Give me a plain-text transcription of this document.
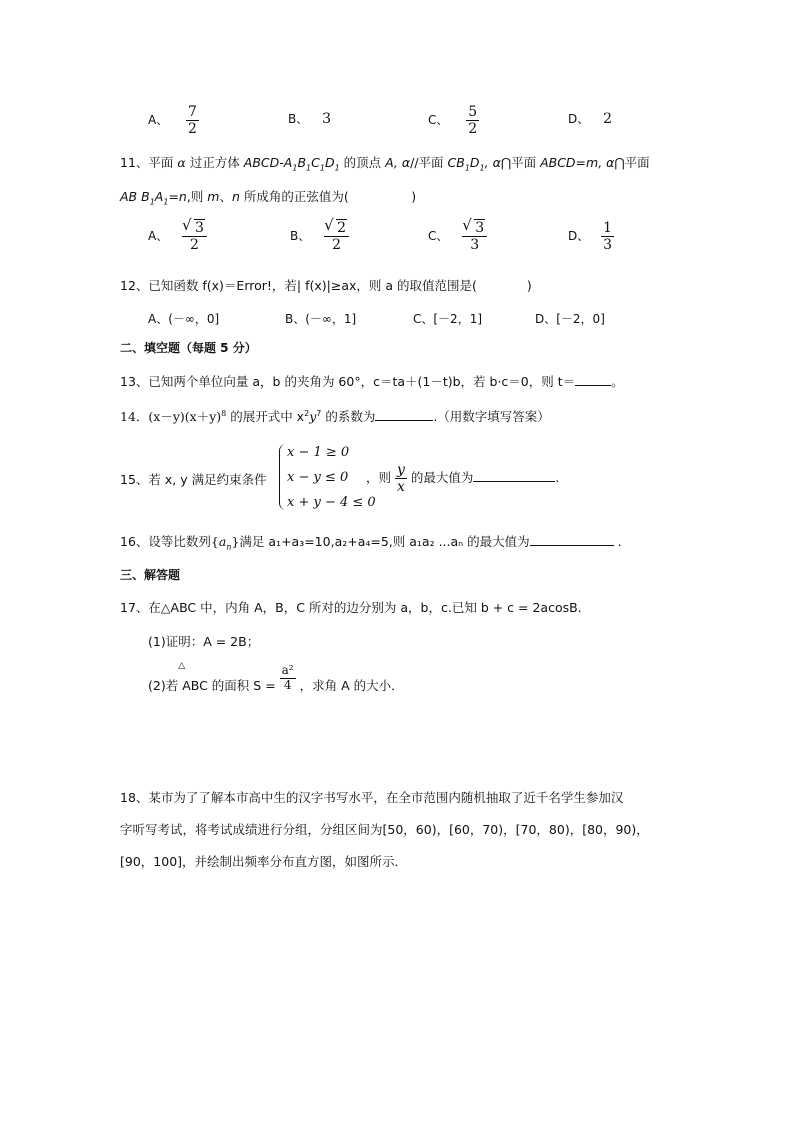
A、 $\frac{7}{2}$	B、 3	C、 $\frac{5}{2}$	D、 2
11、平面 α 过正方体 ABCD-$A_1B_1C_1D_1$ 的顶点 A, α//平面 $CB_1D_1$, α⋂平面 ABCD=m, α⋂平面
AB $B_1A_1=n$,则 m、n 所成角的正弦值为(　　　　　)
A、 √ $\frac{3}{2}$	B、 √ $\frac{2}{2}$	C、 √ $\frac{3}{3}$	D、 $\frac{1}{3}$
12、已知函数 f(x)＝Error!，若| f(x)|≥ax，则 a 的取值范围是(　　　　)
A、(－∞，0]	B、(－∞，1]	C、[－2，1]	D、[－2，0]
二、填空题（每题 5 分）
13、已知两个单位向量 a，b 的夹角为 60°，c＝ta＋(1－t)b，若 b·c＝0，则 t＝	。
14．$(x-y)(x+y)^8$ 的展开式中 $x^2y^7$ 的系数为	.（用数字填写答案）
15、若 x, y 满足约束条件
x − 1 ≥ 0
x − y ≤ 0
x + y − 4 ≤ 0
，则 $\frac{y}{x}$ 的最大值为	.
16、设等比数列$\{a_n\}$满足 a₁+a₃=10,a₂+a₄=5,则 a₁a₂ ...aₙ 的最大值为	.
三、解答题
17、在△ABC 中，内角 A，B，C 所对的边分别为 a，b，c.已知 b + c = 2acosB.
(1)证明：A = 2B；
(2)若
△
ABC 的面积 $S = \frac{\text{a²}}{4}$ ，求角 A 的大小．
18、某市为了了解本市高中生的汉字书写水平，在全市范围内随机抽取了近千名学生参加汉
字听写考试，将考试成绩进行分组，分组区间为[50，60)，[60，70)，[70，80)，[80，90)，
[90，100]，并绘制出频率分布直方图，如图所示．
